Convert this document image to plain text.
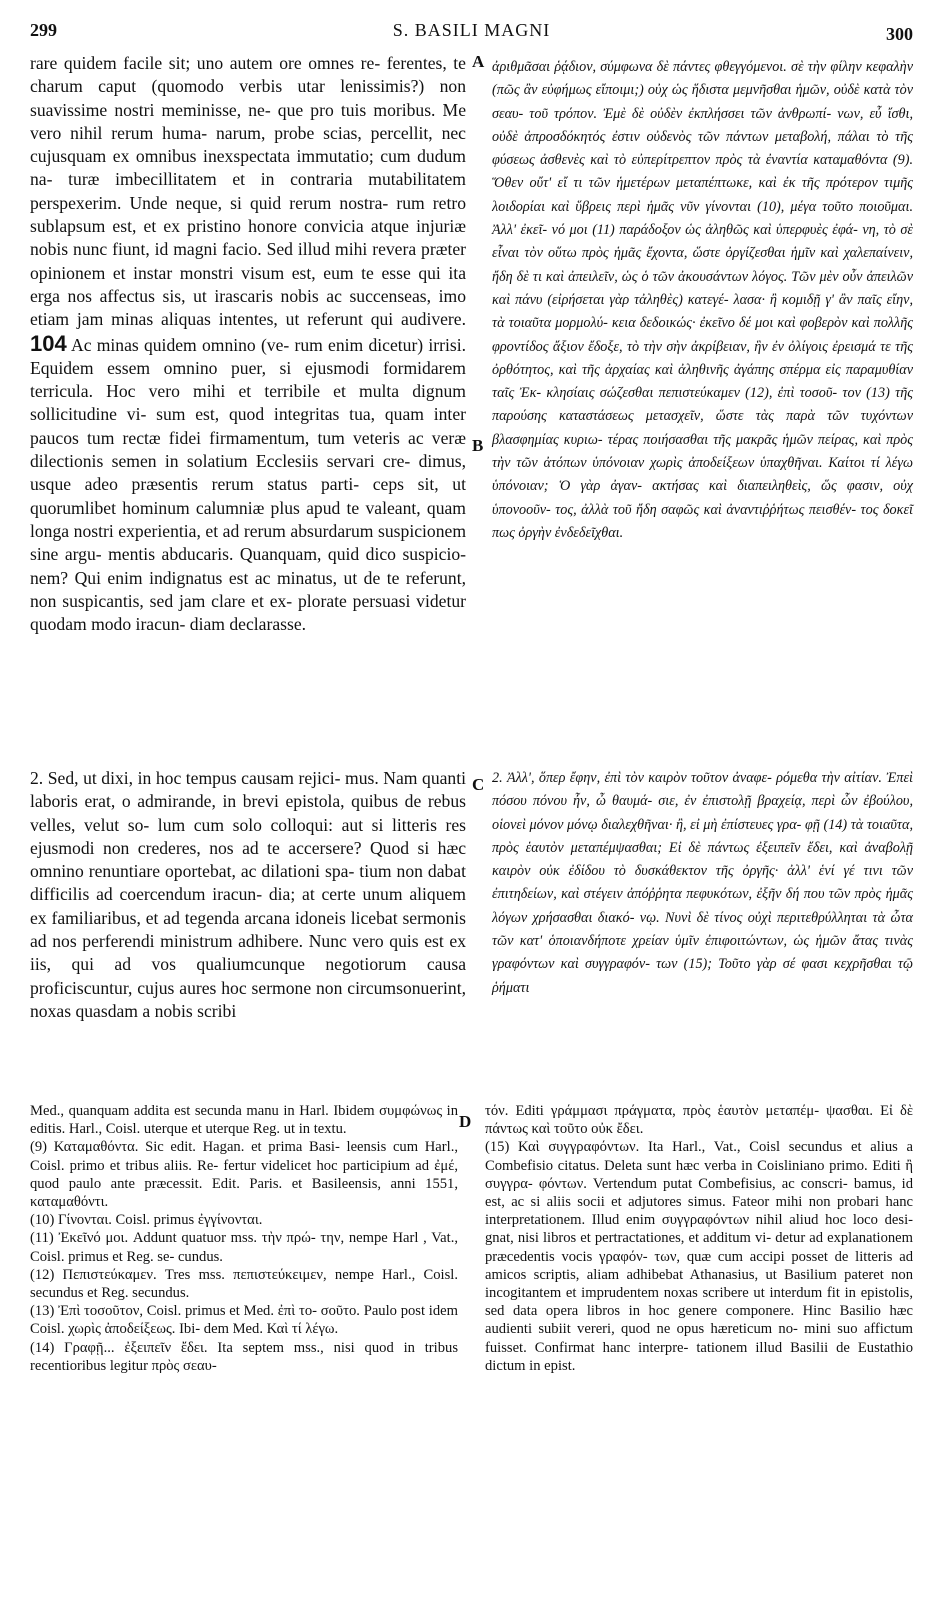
299	S. BASILI MAGNI	300
A
B
C
D

rare quidem facile sit; uno autem ore omnes re- ferentes, te charum caput (quomodo verbis utar lenissimis?) non suavissime nostri meminisse, ne- que pro tuis moribus. Me vero nihil rerum huma- narum, probe scias, percellit, nec cujusquam ex omnibus inexspectata immutatio; cum dudum na- turæ imbecillitatem et in contraria mutabilitatem perspexerim. Unde neque, si quid rerum nostra- rum retro sublapsum est, et ex pristino honore convicia atque injuriæ nobis nunc fiunt, id magni facio. Sed illud mihi revera præter opinionem et instar monstri visum est, eum te esse qui ita erga nos affectus sis, ut irascaris nobis ac succenseas, imo etiam jam minas aliquas intentes, ut referunt qui audivere. 104 Ac minas quidem omnino (ve- rum enim dicetur) irrisi. Equidem essem omnino puer, si ejusmodi formidarem terricula. Hoc vero mihi et terribile et multa dignum sollicitudine vi- sum est, quod integritas tua, quam inter paucos tum rectæ fidei firmamentum, tum veteris ac veræ dilectionis semen in solatium Ecclesiis servari cre- dimus, usque adeo præsentis rerum status parti- ceps sit, ut quorumlibet hominum calumniæ plus apud te valeant, quam longa nostri experientia, et ad rerum absurdarum suspicionem sine argu- mentis abducaris. Quanquam, quid dico suspicio- nem? Qui enim indignatus est ac minatus, ut de te referunt, non suspicantis, sed jam clare et ex- plorate persuasi videtur quodam modo iracun- diam declarasse.

ἀριθμᾶσαι ῥᾴδιον, σύμφωνα δὲ πάντες φθεγγόμενοι. σὲ τὴν φίλην κεφαλὴν (πῶς ἂν εὐφήμως εἴποιμι;) οὐχ ὡς ἥδιστα μεμνῆσθαι ἡμῶν, οὐδὲ κατὰ τὸν σεαυ- τοῦ τρόπον. Ἐμὲ δὲ οὐδὲν ἐκπλήσσει τῶν ἀνθρωπί- νων, εὖ ἴσθι, οὐδὲ ἀπροσδόκητός ἐστιν οὐδενὸς τῶν πάντων μεταβολή, πάλαι τὸ τῆς φύσεως ἀσθενὲς καὶ τὸ εὐπερίτρεπτον πρὸς τὰ ἐναντία καταμαθόντα (9). Ὅθεν οὔτ' εἴ τι τῶν ἡμετέρων μεταπέπτωκε, καὶ ἐκ τῆς πρότερον τιμῆς λοιδορίαι καὶ ὕβρεις περὶ ἡμᾶς νῦν γίνονται (10), μέγα τοῦτο ποιοῦμαι. Ἀλλ' ἐκεῖ- νό μοι (11) παράδοξον ὡς ἀληθῶς καὶ ὑπερφυὲς ἐφά- νη, τὸ σὲ εἶναι τὸν οὕτω πρὸς ἡμᾶς ἔχοντα, ὥστε ὀργίζεσθαι ἡμῖν καὶ χαλεπαίνειν, ἤδη δὲ τι καὶ ἀπειλεῖν, ὡς ὁ τῶν ἀκουσάντων λόγος. Τῶν μὲν οὖν ἀπειλῶν καὶ πάνυ (εἰρήσεται γὰρ τἀληθὲς) κατεγέ- λασα· ἢ κομιδῇ γ' ἂν παῖς εἴην, τὰ τοιαῦτα μορμολύ- κεια δεδοικώς· ἐκεῖνο δέ μοι καὶ φοβερὸν καὶ πολλῆς φροντίδος ἄξιον ἔδοξε, τὸ τὴν σὴν ἀκρίβειαν, ἣν ἐν ὀλίγοις ἐρεισμά τε τῆς ὀρθότητος, καὶ τῆς ἀρχαίας καὶ ἀληθινῆς ἀγάπης σπέρμα εἰς παραμυθίαν ταῖς Ἐκ- κλησίαις σώζεσθαι πεπιστεύκαμεν (12), ἐπὶ τοσοῦ- τον (13) τῆς παρούσης καταστάσεως μετασχεῖν, ὥστε τὰς παρὰ τῶν τυχόντων βλασφημίας κυριω- τέρας ποιήσασθαι τῆς μακρᾶς ἡμῶν πείρας, καὶ πρὸς τὴν τῶν ἀτόπων ὑπόνοιαν χωρὶς ἀποδείξεων ὑπαχθῆναι. Καίτοι τί λέγω ὑπόνοιαν; Ὁ γὰρ ἀγαν- ακτήσας καὶ διαπειληθεὶς, ὥς φασιν, οὐχ ὑπονοοῦν- τος, ἀλλὰ τοῦ ἤδη σαφῶς καὶ ἀναντιῤῥήτως πεισθέν- τος δοκεῖ πως ὀργὴν ἐνδεδεῖχθαι.

2. Sed, ut dixi, in hoc tempus causam rejici- mus. Nam quanti laboris erat, o admirande, in brevi epistola, quibus de rebus velles, velut so- lum cum solo colloqui: aut si litteris res ejusmodi non crederes, nos ad te accersere? Quod si hæc omnino renuntiare oportebat, ac dilationi spa- tium non dabat difficilis ad coercendum iracun- dia; at certe unum aliquem ex familiaribus, et ad tegenda arcana idoneis licebat sermonis ad nos perferendi ministrum adhibere. Nunc vero quis est ex iis, qui ad vos qualiumcunque negotiorum causa proficiscuntur, cujus aures hoc sermone non circumsonuerint, noxas quasdam a nobis scribi

2. Ἀλλ', ὅπερ ἔφην, ἐπὶ τὸν καιρὸν τοῦτον ἀναφε- ρόμεθα τὴν αἰτίαν. Ἐπεὶ πόσου πόνου ἦν, ὦ θαυμά- σιε, ἐν ἐπιστολῇ βραχείᾳ, περὶ ὧν ἐβούλου, οἱονεὶ μόνον μόνῳ διαλεχθῆναι· ἢ, εἰ μὴ ἐπίστευες γρα- φῇ (14) τὰ τοιαῦτα, πρὸς ἑαυτὸν μεταπέμψασθαι; Εἰ δὲ πάντως ἐξειπεῖν ἔδει, καὶ ἀναβολῇ καιρὸν οὐκ ἐδίδου τὸ δυσκάθεκτον τῆς ὀργῆς· ἀλλ' ἑνί γέ τινι τῶν ἐπιτηδείων, καὶ στέγειν ἀπόῤῥητα πεφυκότων, ἐξῆν δή που τῶν πρὸς ἡμᾶς λόγων χρήσασθαι διακό- νῳ. Νυνὶ δὲ τίνος οὐχὶ περιτεθρύλληται τὰ ὦτα τῶν κατ' ὁποιανδήποτε χρείαν ὑμῖν ἐπιφοιτώντων, ὡς ἡμῶν ἄτας τινὰς γραφόντων καὶ συγγραφόν- των (15); Τοῦτο γὰρ σέ φασι κεχρῆσθαι τῷ ῥήματι

Med., quanquam addita est secunda manu in Harl. Ibidem συμφώνως in editis. Harl., Coisl. uterque et uterque Reg. ut in textu.

(9) Καταμαθόντα. Sic edit. Hagan. et prima Basi- leensis cum Harl., Coisl. primo et tribus aliis. Re- fertur videlicet hoc participium ad ἐμέ, quod paulo ante præcessit. Edit. Paris. et Basileensis, anni 1551, καταμαθόντι.

(10) Γίνονται. Coisl. primus ἐγγίνονται.

(11) Ἐκεῖνό μοι. Addunt quatuor mss. τὴν πρώ- την, nempe Harl , Vat., Coisl. primus et Reg. se- cundus.

(12) Πεπιστεύκαμεν. Tres mss. πεπιστεύκειμεν, nempe Harl., Coisl. secundus et Reg. secundus.

(13) Ἐπὶ τοσοῦτον, Coisl. primus et Med. ἐπὶ το- σοῦτο. Paulo post idem Coisl. χωρὶς ἀποδείξεως. Ibi- dem Med. Καὶ τί λέγω.

(14) Γραφῇ... ἐξειπεῖν ἔδει. Ita septem mss., nisi quod in tribus recentioribus legitur πρὸς σεαυ-

τόν. Editi γράμμασι πράγματα, πρὸς ἑαυτὸν μεταπέμ- ψασθαι. Εἰ δὲ πάντως καὶ τοῦτο οὐκ ἔδει.

(15) Καὶ συγγραφόντων. Ita Harl., Vat., Coisl secundus et alius a Combefisio citatus. Deleta sunt hæc verba in Coisliniano primo. Editi ἢ συγγρα- φόντων. Vertendum putat Combefisius, ac conscri- bamus, id est, ac si aliis socii et adjutores simus. Fateor mihi non probari hanc interpretationem. Illud enim συγγραφόντων nihil aliud hoc loco desi- gnat, nisi libros et pertractationes, et additum vi- detur ad explanationem præcedentis vocis γραφόν- των, quæ cum accipi posset de litteris ad amicos scriptis, aliam adhibebat Athanasius, ut Basilium pateret non incogitantem et imprudentem noxas scribere ut interdum fit in epistolis, sed data opera libros in hoc genere componere. Hinc Basilio hæc audienti subiit vereri, quod ne opus hæreticum no- mini suo affictum fuisset. Confirmat hanc interpre- tationem illud Basilii de Eustathio dictum in epist.
